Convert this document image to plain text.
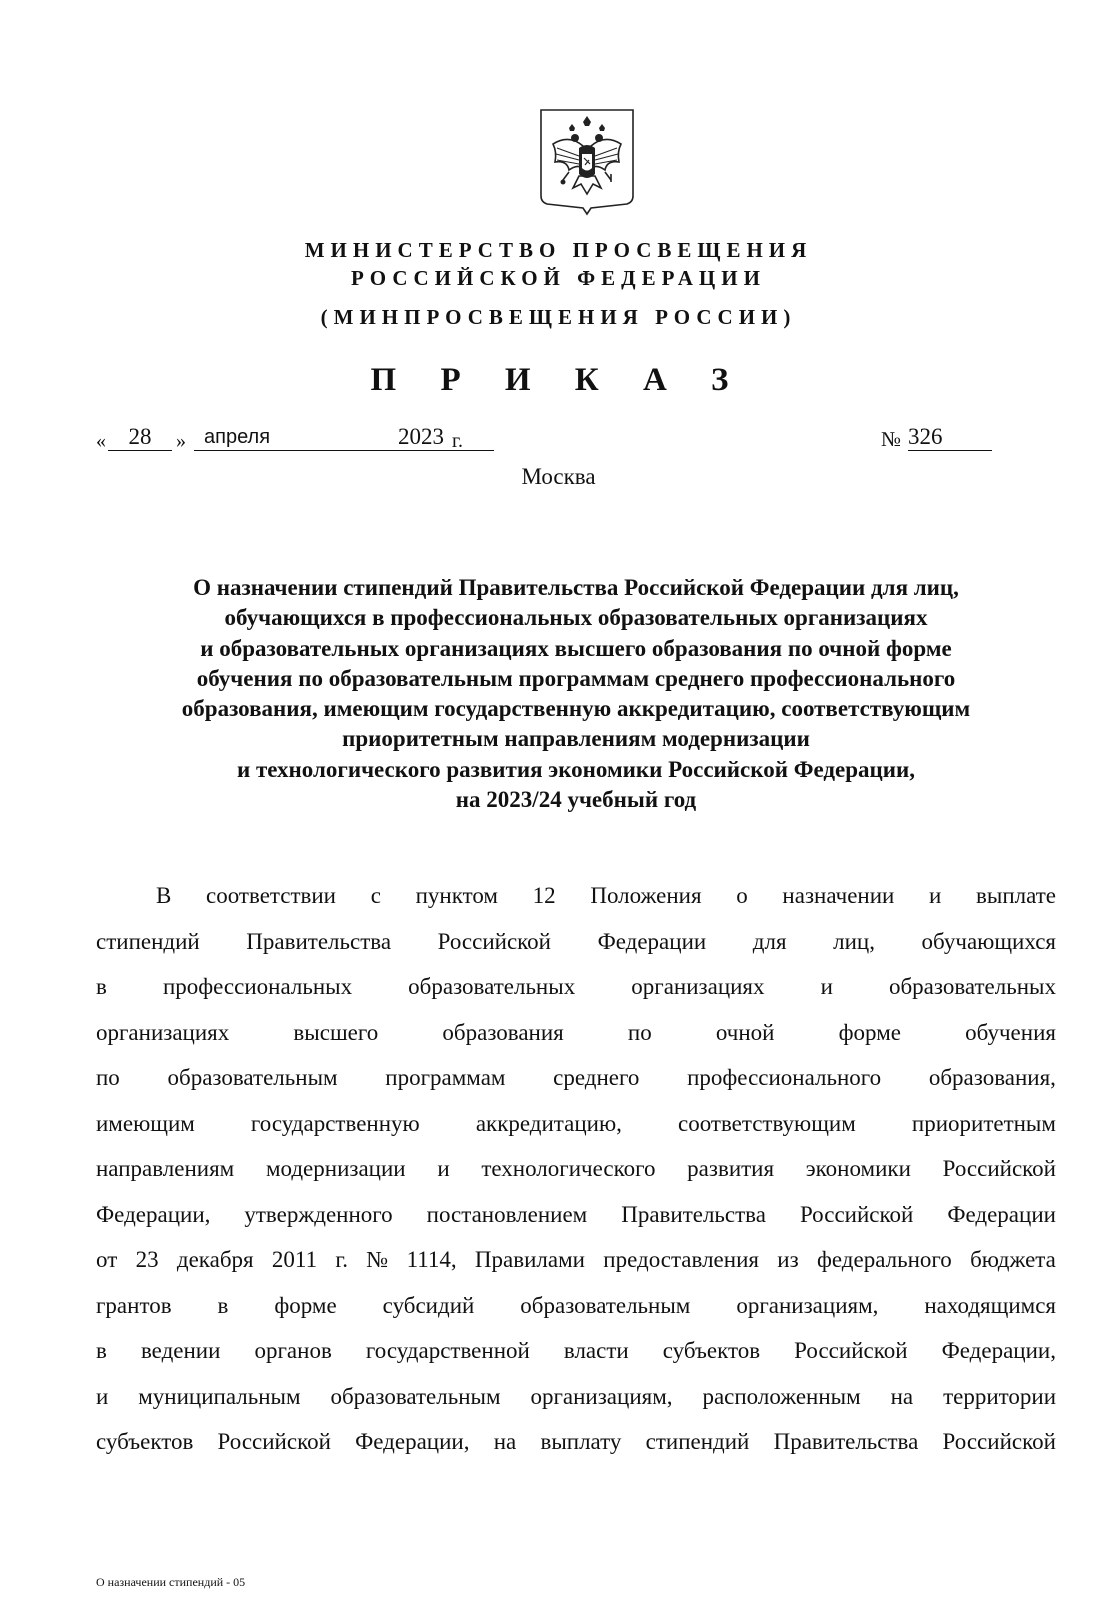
МИНИСТЕРСТВО ПРОСВЕЩЕНИЯ
РОССИЙСКОЙ ФЕДЕРАЦИИ
(МИНПРОСВЕЩЕНИЯ РОССИИ)
П Р И К А З
« 28	» апреля	2023 г.	№ 326
Москва
О назначении стипендий Правительства Российской Федерации для лиц,
обучающихся в профессиональных образовательных организациях
и образовательных организациях высшего образования по очной форме
обучения по образовательным программам среднего профессионального
образования, имеющим государственную аккредитацию, соответствующим
приоритетным направлениям модернизации
и технологического развития экономики Российской Федерации,
на 2023/24 учебный год
В соответствии с пунктом 12 Положения о назначении и выплате
стипендий Правительства Российской Федерации для лиц, обучающихся
в профессиональных образовательных организациях и образовательных
организациях	высшего	образования	по	очной	форме	обучения
по образовательным программам среднего профессионального образования,
имеющим государственную аккредитацию, соответствующим приоритетным
направлениям модернизации и технологического развития экономики Российской
Федерации, утвержденного постановлением Правительства Российской Федерации
от 23 декабря 2011 г. № 1114, Правилами предоставления из федерального бюджета
грантов в форме субсидий образовательным организациям, находящимся
в ведении органов государственной власти субъектов Российской Федерации,
и муниципальным образовательным организациям, расположенным на территории
субъектов Российской Федерации, на выплату стипендий Правительства Российской
О назначении стипендий - 05
